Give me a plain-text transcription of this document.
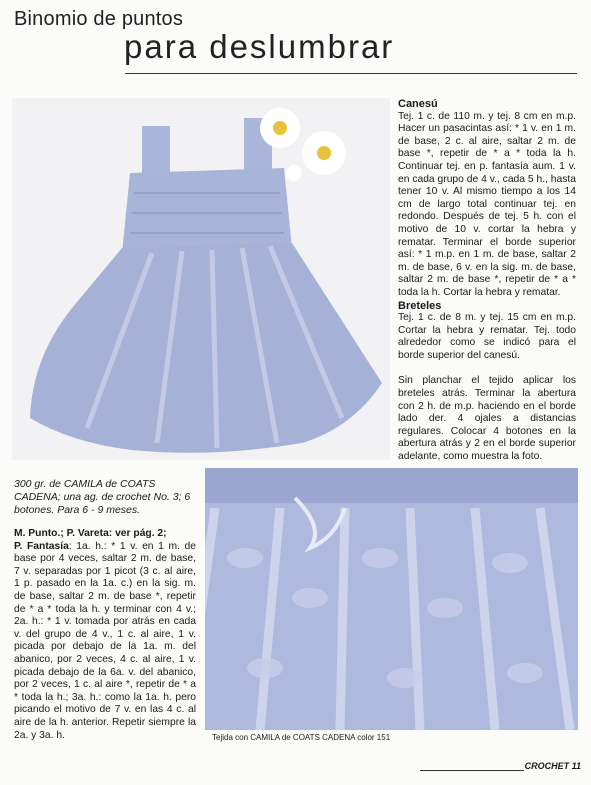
Binomio de puntos
para deslumbrar
Canesú

Tej. 1 c. de 110 m. y tej. 8 cm en m.p. Hacer un pasacintas así: * 1 v. en 1 m. de base, 2 c. al aire, saltar 2 m. de base *, repetir de * a * toda la h. Continuar tej. en p. fantasía aum. 1 v. en cada grupo de 4 v., cada 5 h., hasta tener 10 v. Al mismo tiempo a los 14 cm de largo total continuar tej. en redondo. Después de tej. 5 h. con el motivo de 10 v. cortar la hebra y rematar. Terminar el borde superior así: * 1 m.p. en 1 m. de base, saltar 2 m. de base, 6 v. en la sig. m. de base, saltar 2 m. de base *, repetir de * a * toda la h. Cortar la hebra y rematar.

Breteles

Tej. 1 c. de 8 m. y tej. 15 cm en m.p. Cortar la hebra y rematar. Tej. todo alrededor como se indicó para el borde superior del canesú.

Sin planchar el tejido aplicar los breteles atrás. Terminar la abertura con 2 h. de m.p. haciendo en el borde lado der. 4 ojales a distancias regulares. Colocar 4 botones en la abertura atrás y 2 en el borde superior adelante, como muestra la foto.

300 gr. de CAMILA de COATS CADENA; una ag. de crochet No. 3; 6 botones. Para 6 - 9 meses.

M. Punto.; P. Vareta: ver pág. 2;
P. Fantasía: 1a. h.: * 1 v. en 1 m. de base por 4 veces, saltar 2 m. de base, 7 v. separadas por 1 picot (3 c. al aire, 1 p. pasado en la 1a. c.) en la sig. m. de base, saltar 2 m. de base *, repetir de * a * toda la h. y terminar con 4 v.; 2a. h.: * 1 v. tomada por atrás en cada v. del grupo de 4 v., 1 c. al aire, 1 v. picada por debajo de la 1a. m. del abanico, por 2 veces, 4 c. al aire, 1 v. picada debajo de la 6a. v. del abanico, por 2 veces, 1 c. al aire *, repetir de * a * toda la h.; 3a. h.: como la 1a. h. pero picando el motivo de 7 v. en las 4 c. al aire de la h. anterior. Repetir siempre la 2a. y 3a. h.	Tejida con CAMILA de COATS CADENA color 151
CROCHET 11
